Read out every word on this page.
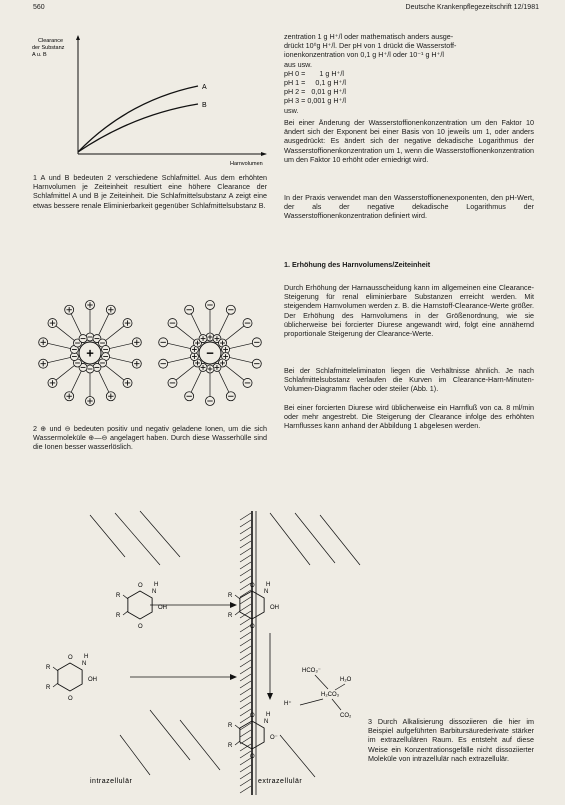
560	Deutsche Krankenpflegezeitschrift 12/1981
Clearance
der Substanz
A u. B
A
B
Harnvolumen
1 A und B bedeuten 2 verschiedene Schlafmittel. Aus dem erhöhten Harnvolumen je Zeiteinheit resultiert eine höhere Clearance der Schlafmittel A und B je Zeiteinheit. Die Schlafmittelsubstanz A zeigt eine etwas bessere renale Eliminierbarkeit gegenüber Schlafmittelsubstanz B.
+	−
2 ⊕ und ⊖ bedeuten positiv und negativ geladene Ionen, um die sich Wassermoleküle ⊕—⊖ angelagert haben. Durch diese Wasserhülle sind die Ionen besser wasserlöslich.
zentration 1 g H⁺/l oder mathematisch anders ausge-
drückt 10⁰g H⁺/l. Der pH von 1 drückt die Wasserstoff-
ionenkonzentration von 0,1 g H⁺/l oder 10⁻¹ g H⁺/l
aus usw.
pH 0 =       1 g H⁺/l
pH 1 =     0,1 g H⁺/l
pH 2 =   0,01 g H⁺/l
pH 3 = 0,001 g H⁺/l
usw.
Bei einer Änderung der Wasserstoffionenkonzentration um den Faktor 10 ändert sich der Exponent bei einer Basis von 10 jeweils um 1, oder anders ausgedrückt: Es ändert sich der negative dekadische Logarithmus der Wasserstoffionenkonzentration um 1, wenn die Wasserstoffionenkonzentration um den Faktor 10 erhöht oder erniedrigt wird.
In der Praxis verwendet man den Wasserstoffionenexponenten, den pH-Wert, der als der negative dekadische Logarithmus der Wasserstoffionenkonzentration definiert wird.
1. Erhöhung des Harnvolumens/Zeiteinheit
Durch Erhöhung der Harnausscheidung kann im allgemeinen eine Clearance-Steigerung für renal eliminierbare Substanzen erreicht werden. Mit steigendem Harnvolumen werden z. B. die Harnstoff-Clearance-Werte größer. Der Erhöhung des Harnvolumens in der Größenordnung, wie sie üblicherweise bei forcierter Diurese angewandt wird, folgt eine annähernd proportionale Steigerung der Clearance-Werte.
Bei der Schlafmitteleliminaton liegen die Verhältnisse ähnlich. Je nach Schlafmittelsubstanz verlaufen die Kurven im Clearance-Harn-Minuten-Volumen-Diagramm flacher oder steiler (Abb. 1).
Bei einer forcierten Diurese wird üblicherweise ein Harnfluß von ca. 8 ml/min oder mehr angestrebt. Die Steigerung der Clearance infolge des erhöhten Harnflusses kann anhand der Abbildung 1 abgelesen werden.
R
R
O
N
O
OH
H
R
R
O
N
O
OH
H
R
R
O
N
O
OH
H
R
R
O
N
O
O⁻
H
HCO₃⁻
H₂O
H₂CO₃
H⁺
CO₂
intrazellulär	extrazellulär
3 Durch Alkalisierung dissoziieren die hier im Beispiel aufgeführten Barbitursäurederivate stärker im extrazellulären Raum. Es entsteht auf diese Weise ein Konzentrationsgefälle nicht dissoziierter Moleküle von intrazellulär nach extrazellulär.
